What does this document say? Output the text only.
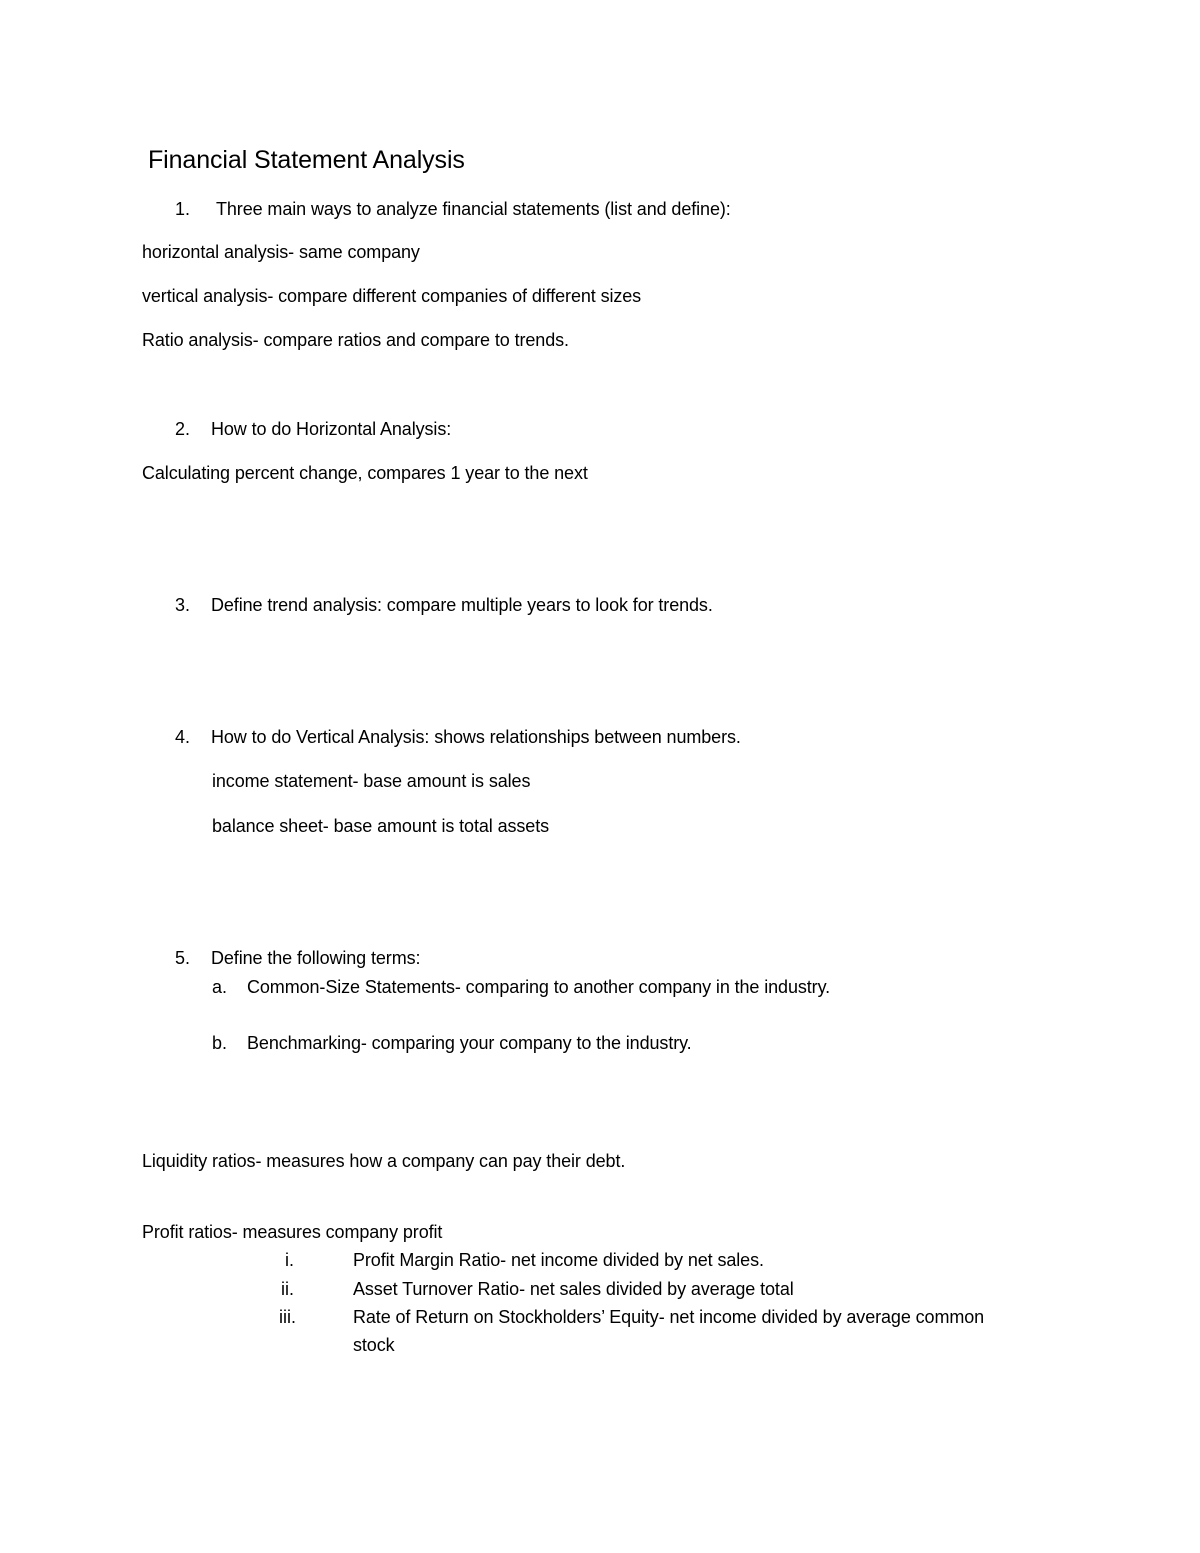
Financial Statement Analysis
1. Three main ways to analyze financial statements (list and define):
horizontal analysis- same company
vertical analysis- compare different companies of different sizes
Ratio analysis- compare ratios and compare to trends.
2. How to do Horizontal Analysis:
Calculating percent change, compares 1 year to the next
3. Define trend analysis: compare multiple years to look for trends.
4. How to do Vertical Analysis: shows relationships between numbers.
income statement- base amount is sales
balance sheet- base amount is total assets
5. Define the following terms:
a. Common-Size Statements- comparing to another company in the industry.
b. Benchmarking- comparing your company to the industry.
Liquidity ratios- measures how a company can pay their debt.
Profit ratios- measures company profit
i.	Profit Margin Ratio- net income divided by net sales.
ii.	Asset Turnover Ratio- net sales divided by average total
iii.	Rate of Return on Stockholders’ Equity- net income divided by average common
stock
